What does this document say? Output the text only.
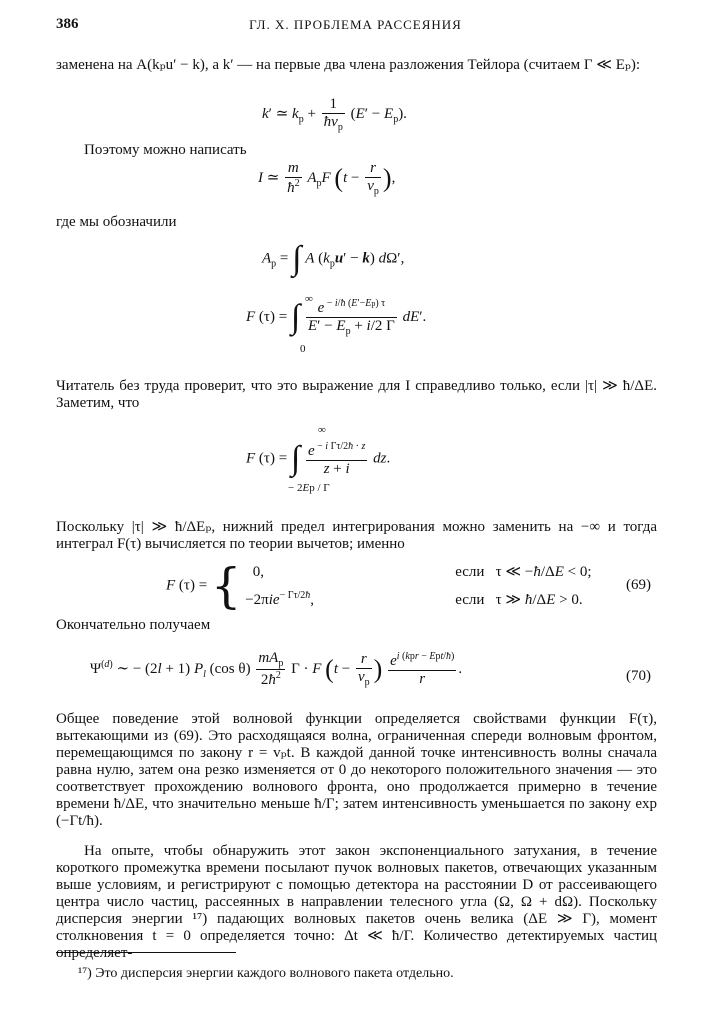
386	ГЛ. X. ПРОБЛЕМА РАССЕЯНИЯ
заменена на A(kₚu′ − k), а k′ — на первые два члена разложения Тейлора (считаем Γ ≪ Eₚ):
k′ ≃ $k_p + \frac{1}{ħv_p} (E' - E_p)$.
Поэтому можно написать
I ≃ $\frac{m}{ħ^2} A_pF$ ($t - \frac{r}{v_p}$ ),
где мы обозначили
$A_p$ = ∫ A $(k_pu' - k)$ dΩ′,
F (τ) = ∫ $\frac{e ^{- i/ħ (E'-Ep) \tau}}{E' - E_p + i/2 \Gamma} dE'$.
∞
0
Читатель без труда проверит, что это выражение для I справедливо только, если |τ| ≫ ħ/ΔE. Заметим, что
F (τ) = ∫ $\frac{e ^{- i \Gamma\tau/2ħ \cdot z}}{z + i}$ dz.
∞
− 2Ep / Γ
Поскольку |τ| ≫ ħ/ΔEₚ, нижний предел интегрирования можно заменить на −∞ и тогда интеграл F(τ) вычисляется по теории вычетов; именно
F (τ) = {   0,	если   τ ≪ −ħ/ΔE < 0;
−2πie$^{- \Gamma\tau/2ħ}$,	если   τ ≫ ħ/ΔE > 0.
(69)
Окончательно получаем
$\Psi^{(d)}$ ∼ − (2l + 1) $P_l$ (cos $\theta) \frac{mA_p}{2ħ^2}$ Γ · F ($t - \frac{r}{v_p}$ ) $\frac{e^{i (kpr - Ept/ħ)}}{r}$ .	(70)
Общее поведение этой волновой функции определяется свойствами функции F(τ), вытекающими из (69). Это расходящаяся волна, ограниченная спереди волновым фронтом, перемещающимся по закону r = vₚt. В каждой данной точке интенсивность волны сначала равна нулю, затем она резко изменяется от 0 до некоторого положительного значения — это соответствует прохождению волнового фронта, оно продолжается примерно в течение времени ħ/ΔE, что значительно меньше ħ/Γ; затем интенсивность уменьшается по закону exp (−Γt/ħ).
На опыте, чтобы обнаружить этот закон экспоненциального затухания, в течение короткого промежутка времени посылают пучок волновых пакетов, отвечающих указанным выше условиям, и регистрируют с помощью детектора на расстоянии D от рассеивающего центра число частиц, рассеянных в направлении телесного угла (Ω, Ω + dΩ). Поскольку дисперсия энергии ¹⁷) падающих волновых пакетов очень велика (ΔE ≫ Γ), момент столкновения t = 0 определяется точно: Δt ≪ ħ/Γ. Количество детектируемых частиц определяет-
¹⁷) Это дисперсия энергии каждого волнового пакета отдельно.
